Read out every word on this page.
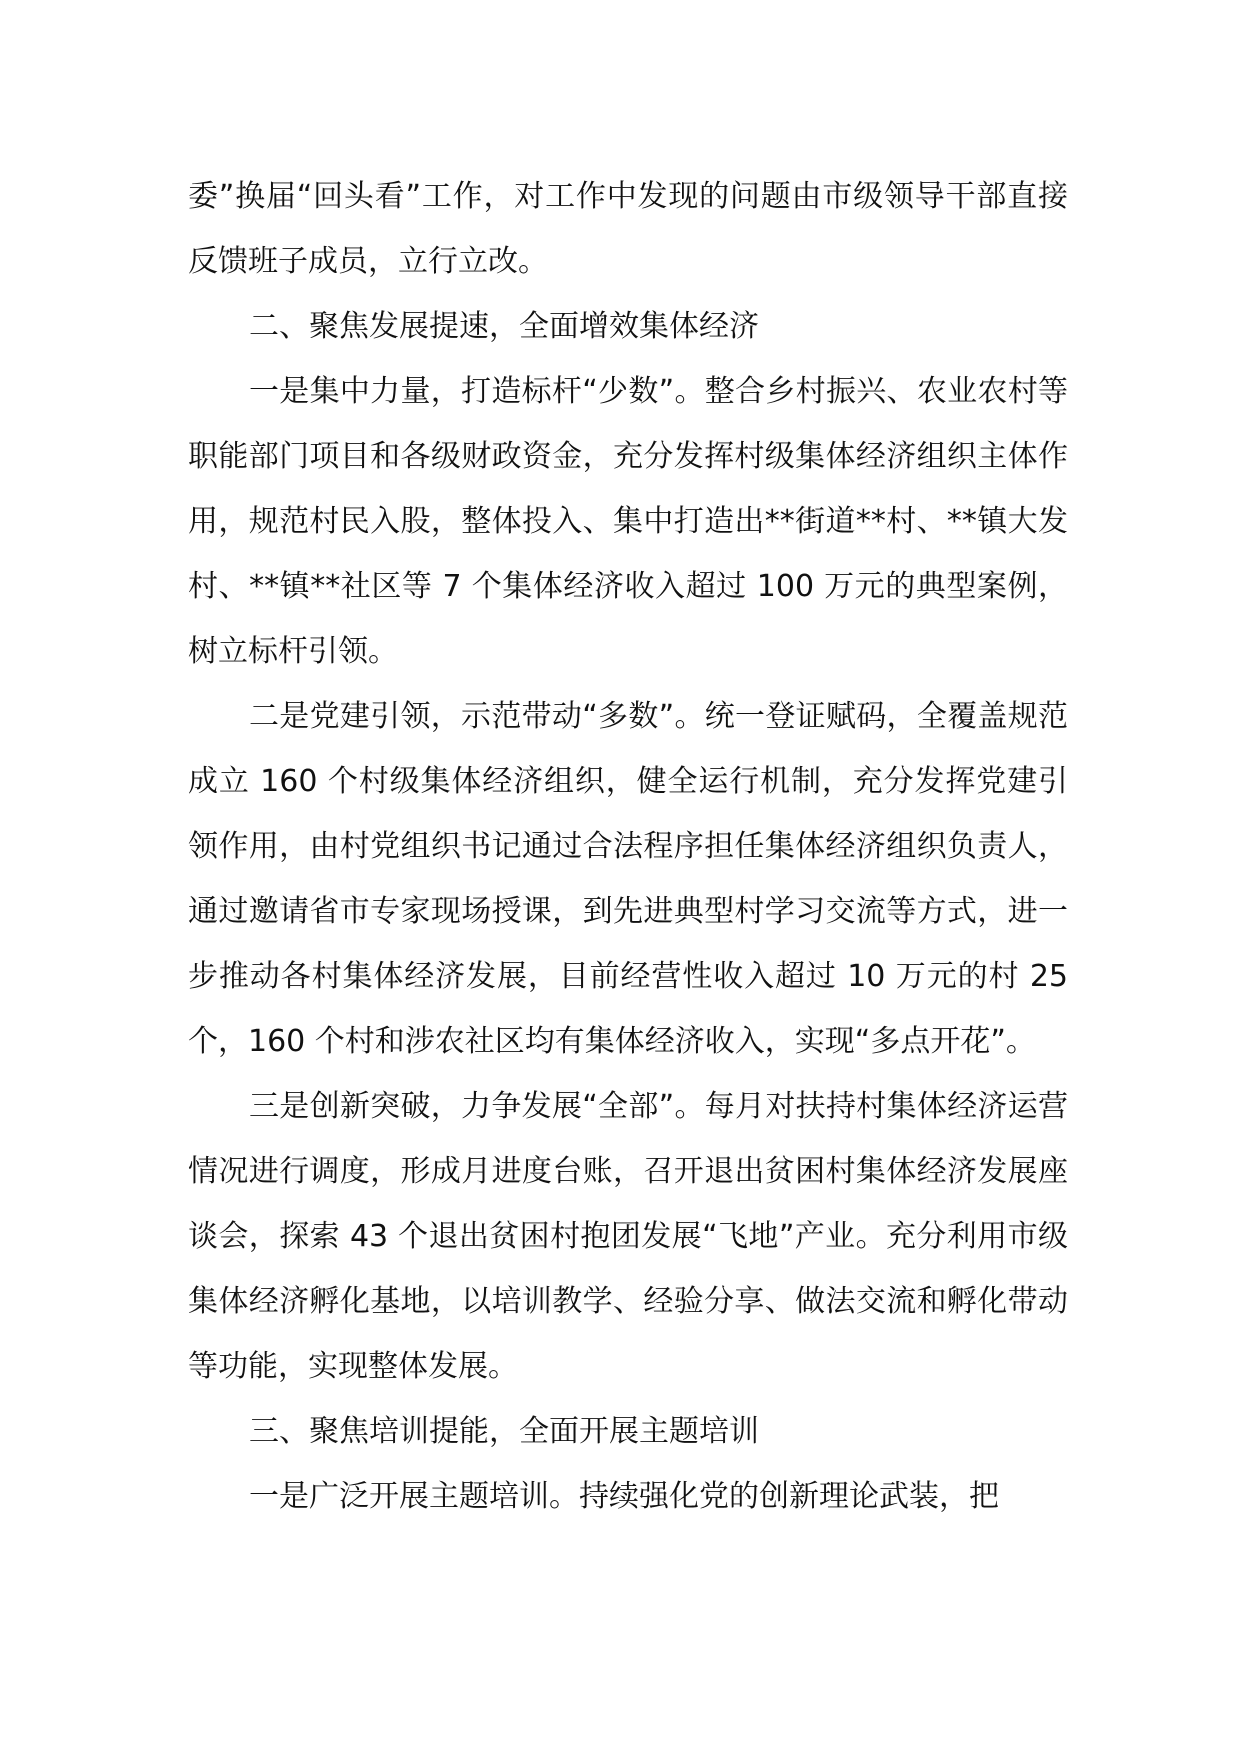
委”换届“回头看”工作，对工作中发现的问题由市级领导干部直接反馈班子成员，立行立改。

二、聚焦发展提速，全面增效集体经济

一是集中力量，打造标杆“少数”。整合乡村振兴、农业农村等职能部门项目和各级财政资金，充分发挥村级集体经济组织主体作用，规范村民入股，整体投入、集中打造出**街道**村、**镇大发村、**镇**社区等 7 个集体经济收入超过 100 万元的典型案例，树立标杆引领。

二是党建引领，示范带动“多数”。统一登证赋码，全覆盖规范成立 160 个村级集体经济组织，健全运行机制，充分发挥党建引领作用，由村党组织书记通过合法程序担任集体经济组织负责人，通过邀请省市专家现场授课，到先进典型村学习交流等方式，进一步推动各村集体经济发展，目前经营性收入超过 10 万元的村 25 个，160 个村和涉农社区均有集体经济收入，实现“多点开花”。

三是创新突破，力争发展“全部”。每月对扶持村集体经济运营情况进行调度，形成月进度台账，召开退出贫困村集体经济发展座谈会，探索 43 个退出贫困村抱团发展“飞地”产业。充分利用市级集体经济孵化基地，以培训教学、经验分享、做法交流和孵化带动等功能，实现整体发展。

三、聚焦培训提能，全面开展主题培训

一是广泛开展主题培训。持续强化党的创新理论武装，把
